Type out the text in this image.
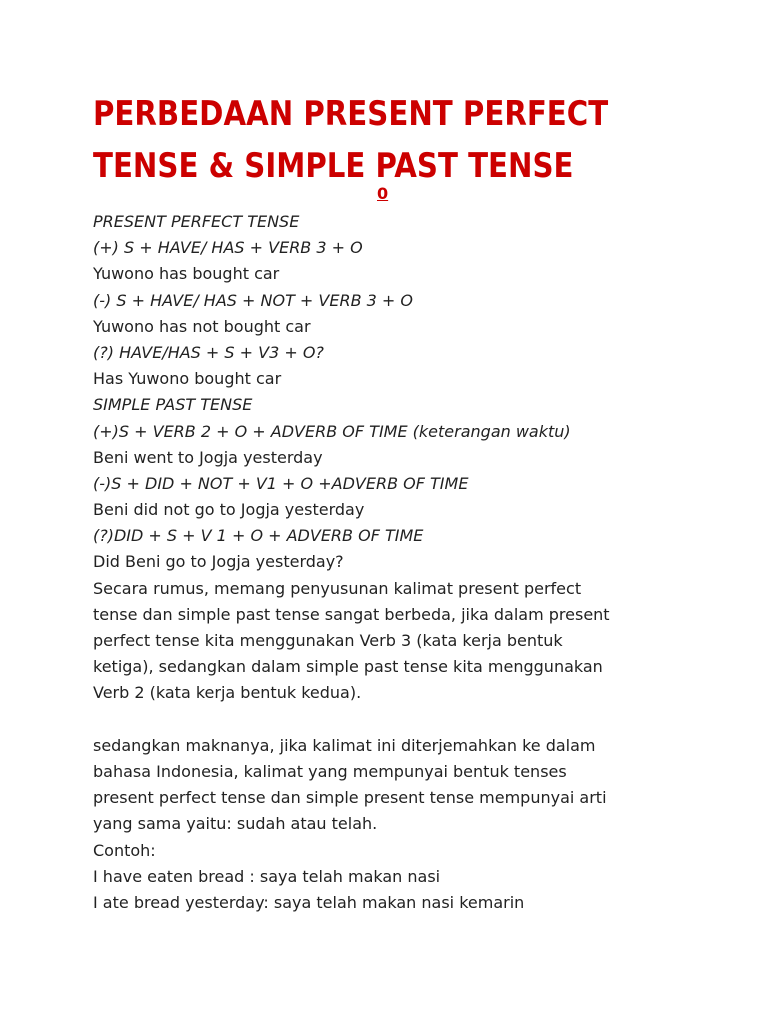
PERBEDAAN PRESENT PERFECT
TENSE & SIMPLE PAST TENSE
0
PRESENT PERFECT TENSE
(+) S + HAVE/ HAS + VERB 3 + O
Yuwono has bought car
(-) S + HAVE/ HAS + NOT + VERB 3 + O
Yuwono has not bought car
(?) HAVE/HAS + S + V3 + O?
Has Yuwono bought car
SIMPLE PAST TENSE
(+)S + VERB 2 + O + ADVERB OF TIME (keterangan waktu)
Beni went to Jogja yesterday
(-)S + DID + NOT + V1 + O +ADVERB OF TIME
Beni did not go to Jogja yesterday
(?)DID + S + V 1 + O + ADVERB OF TIME
Did Beni go to Jogja yesterday?
Secara rumus, memang penyusunan kalimat present perfect
tense dan simple past tense sangat berbeda, jika dalam present
perfect tense kita menggunakan Verb 3 (kata kerja bentuk
ketiga), sedangkan dalam simple past tense kita menggunakan
Verb 2 (kata kerja bentuk kedua).
sedangkan maknanya, jika kalimat ini diterjemahkan ke dalam
bahasa Indonesia, kalimat yang mempunyai bentuk tenses
present perfect tense dan simple present tense mempunyai arti
yang sama yaitu: sudah atau telah.
Contoh:
I have eaten bread : saya telah makan nasi
I ate bread yesterday: saya telah makan nasi kemarin
